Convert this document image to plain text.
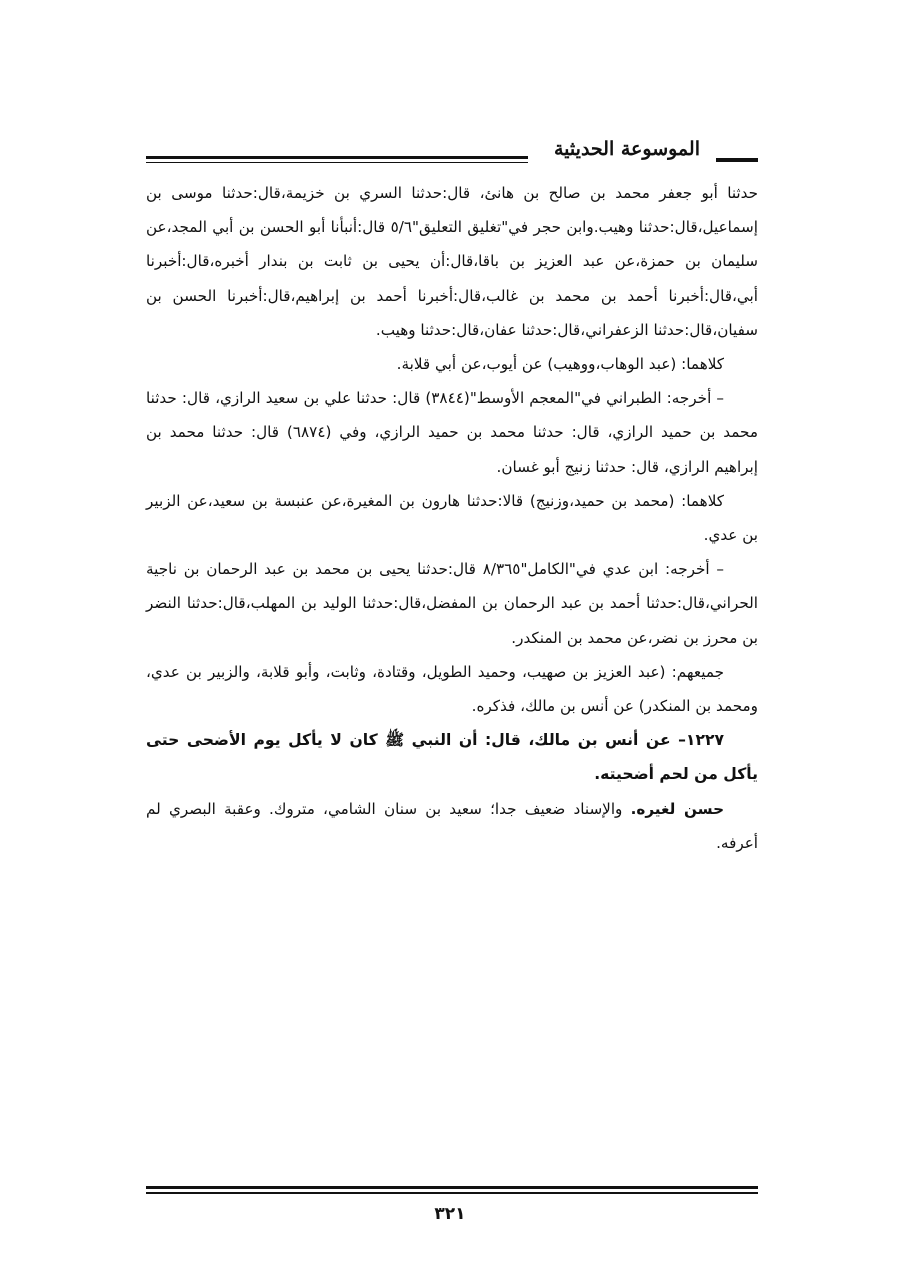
الموسوعة الحديثية

حدثنا أبو جعفر محمد بن صالح بن هانئ، قال:حدثنا السري بن خزيمة،قال:حدثنا موسى بن إسماعيل،قال:حدثنا وهيب.وابن حجر في"تغليق التعليق"٥/٦ قال:أنبأنا أبو الحسن بن أبي المجد،عن سليمان بن حمزة،عن عبد العزيز بن باقا،قال:أن يحيى بن ثابت بن بندار أخبره،قال:أخبرنا أبي،قال:أخبرنا أحمد بن محمد بن غالب،قال:أخبرنا أحمد بن إبراهيم،قال:أخبرنا الحسن بن سفيان،قال:حدثنا الزعفراني،قال:حدثنا عفان،قال:حدثنا وهيب.

كلاهما: (عبد الوهاب،ووهيب) عن أيوب،عن أبي قلابة.

– أخرجه: الطبراني في"المعجم الأوسط"(٣٨٤٤) قال: حدثنا علي بن سعيد الرازي، قال: حدثنا محمد بن حميد الرازي، قال: حدثنا محمد بن حميد الرازي، وفي (٦٨٧٤) قال: حدثنا محمد بن إبراهيم الرازي، قال: حدثنا زنيج أبو غسان.

كلاهما: (محمد بن حميد،وزنيج) قالا:حدثنا هارون بن المغيرة،عن عنبسة بن سعيد،عن الزبير بن عدي.

– أخرجه: ابن عدي في"الكامل"٨/٣٦٥ قال:حدثنا يحيى بن محمد بن عبد الرحمان بن ناجية الحراني،قال:حدثنا أحمد بن عبد الرحمان بن المفضل،قال:حدثنا الوليد بن المهلب،قال:حدثنا النضر بن محرز بن نضر،عن محمد بن المنكدر.

جميعهم: (عبد العزيز بن صهيب، وحميد الطويل، وقتادة، وثابت، وأبو قلابة، والزبير بن عدي، ومحمد بن المنكدر) عن أنس بن مالك، فذكره.

١٢٢٧– عن أنس بن مالك، قال: أن النبي ﷺ كان لا يأكل يوم الأضحى حتى يأكل من لحم أضحيته.

حسن لغيره. والإسناد ضعيف جدا؛ سعيد بن سنان الشامي، متروك. وعقبة البصري لم أعرفه.

٣٢١
